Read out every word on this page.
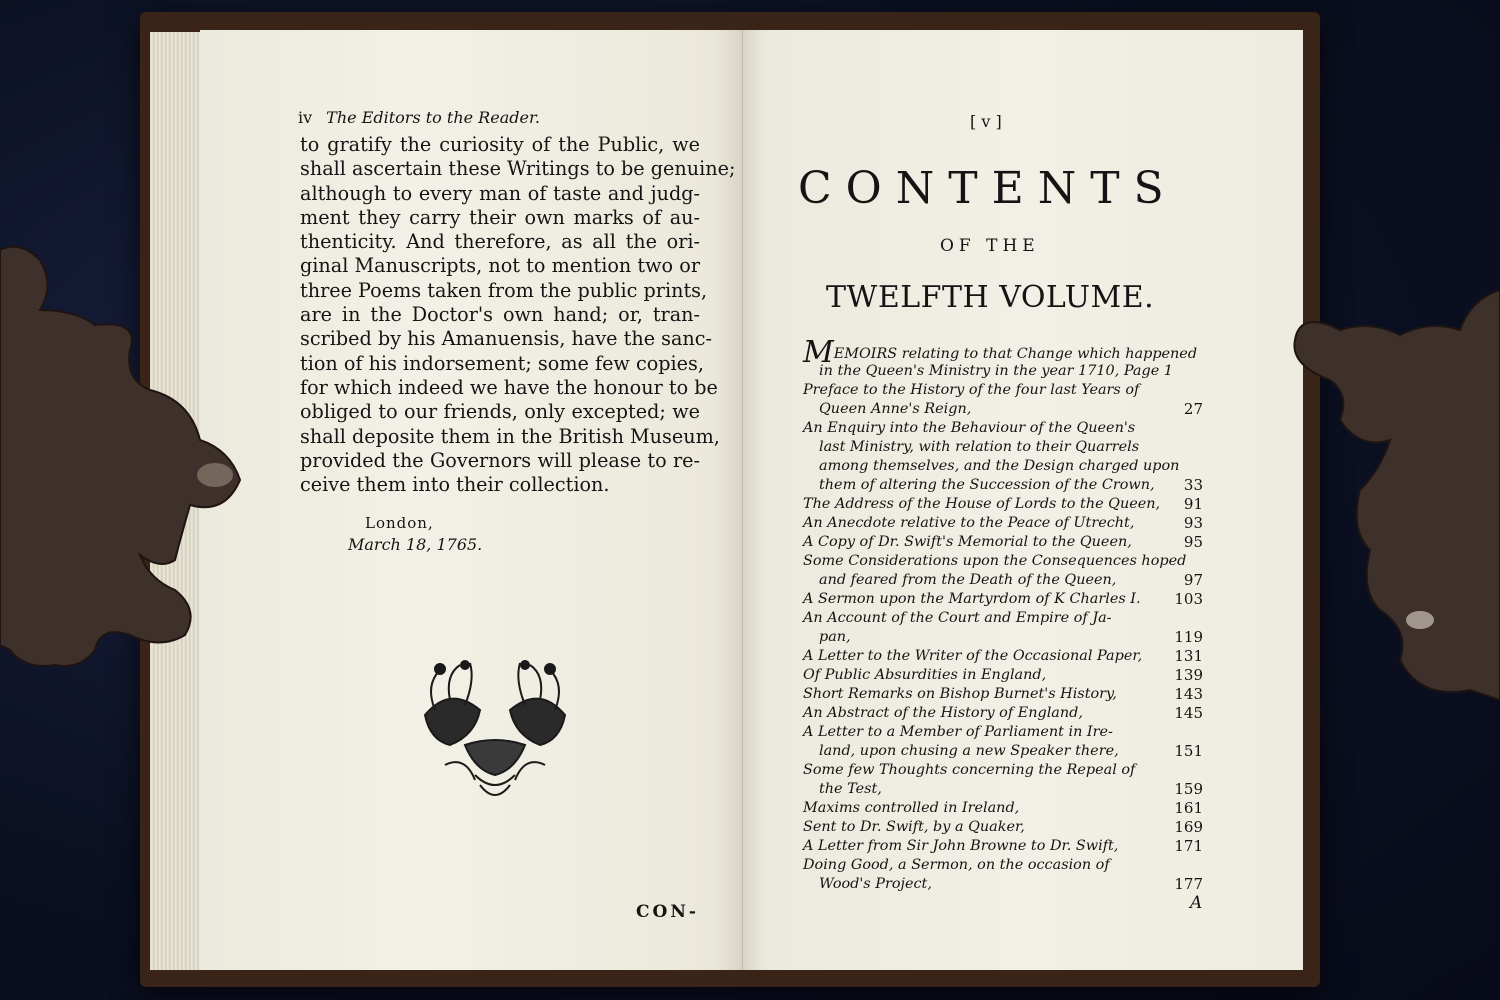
iv The Editors to the Reader.
to gratify the curiosity of the Public, we
shall ascertain these Writings to be genuine;
although to every man of taste and judg-
ment they carry their own marks of au-
thenticity. And therefore, as all the ori-
ginal Manuscripts, not to mention two or
three Poems taken from the public prints,
are in the Doctor's own hand; or, tran-
scribed by his Amanuensis, have the sanc-
tion of his indorsement; some few copies,
for which indeed we have the honour to be
obliged to our friends, only excepted; we
shall deposite them in the British Museum,
provided the Governors will please to re-
ceive them into their collection.
London,
March 18, 1765.
CON-
[ v ]
CONTENTS
OF THE
TWELFTH VOLUME.
MEMOIRS relating to that Change which happened
in the Queen's Ministry in the year 1710, Page 1
Preface to the History of the four last Years of
Queen Anne's Reign,	27
An Enquiry into the Behaviour of the Queen's
last Ministry, with relation to their Quarrels
among themselves, and the Design charged upon
them of altering the Succession of the Crown, 33
The Address of the House of Lords to the Queen, 91
An Anecdote relative to the Peace of Utrecht,	93
A Copy of Dr. Swift's Memorial to the Queen,	95
Some Considerations upon the Consequences hoped
and feared from the Death of the Queen,	97
A Sermon upon the Martyrdom of K Charles I. 103
An Account of the Court and Empire of Ja-
pan,	119
A Letter to the Writer of the Occasional Paper, 131
Of Public Absurdities in England,	139
Short Remarks on Bishop Burnet's History,	143
An Abstract of the History of England,	145
A Letter to a Member of Parliament in Ire-
land, upon chusing a new Speaker there,	151
Some few Thoughts concerning the Repeal of
the Test,	159
Maxims controlled in Ireland,	161
Sent to Dr. Swift, by a Quaker,	169
A Letter from Sir John Browne to Dr. Swift,	171
Doing Good, a Sermon, on the occasion of
Wood's Project,	177
A
